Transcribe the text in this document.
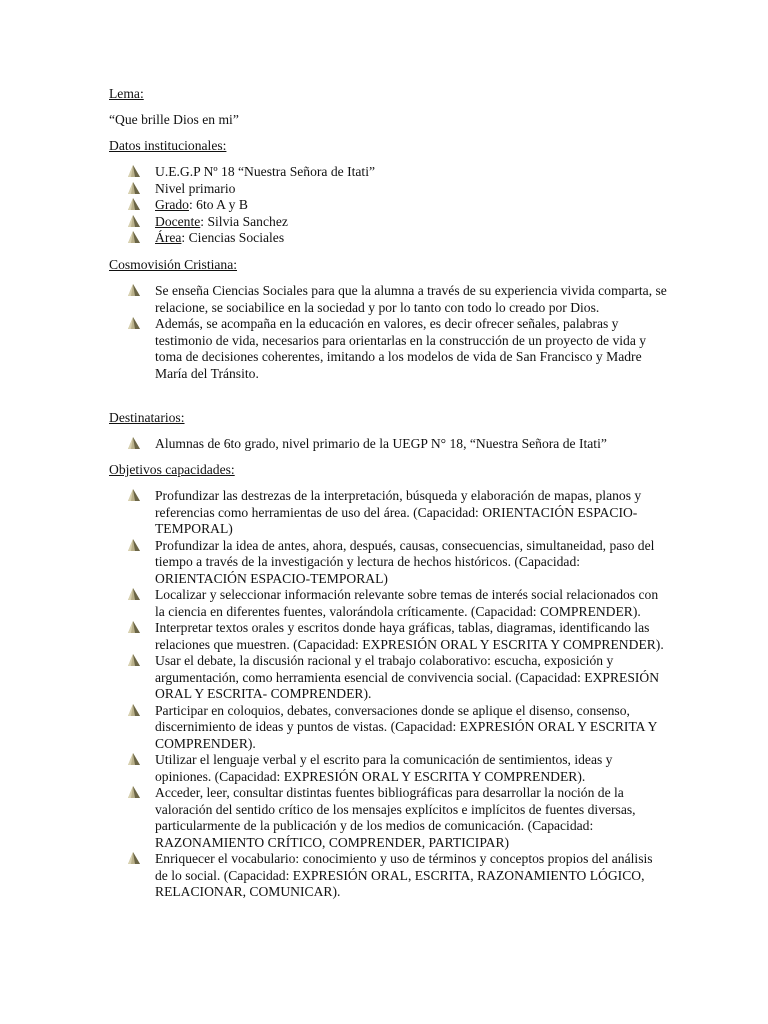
Lema:
“Que brille Dios en mi”
Datos institucionales:
U.E.G.P Nº 18 “Nuestra Señora de Itati”
Nivel primario
Grado: 6to A y B
Docente: Silvia Sanchez
Área: Ciencias Sociales
Cosmovisión Cristiana:
Se enseña Ciencias Sociales para que la alumna a través de su experiencia vivida comparta, se relacione, se sociabilice en la sociedad y por lo tanto con todo lo creado por Dios.
Además, se acompaña en la educación en valores, es decir ofrecer señales, palabras y testimonio de vida, necesarios para orientarlas en la construcción de un proyecto de vida y toma de decisiones coherentes, imitando a los modelos de vida de San Francisco y Madre María del Tránsito.
Destinatarios:
Alumnas de 6to grado, nivel primario de la UEGP N° 18, “Nuestra Señora de Itati”
Objetivos capacidades:
Profundizar las destrezas de la interpretación, búsqueda y elaboración de mapas, planos y referencias como herramientas de uso del área. (Capacidad: ORIENTACIÓN ESPACIO-TEMPORAL)
Profundizar la idea de antes, ahora, después, causas, consecuencias, simultaneidad, paso del tiempo a través de la investigación y lectura de hechos históricos. (Capacidad: ORIENTACIÓN ESPACIO-TEMPORAL)
Localizar y seleccionar información relevante sobre temas de interés social relacionados con la ciencia en diferentes fuentes, valorándola críticamente. (Capacidad: COMPRENDER).
Interpretar textos orales y escritos donde haya gráficas, tablas, diagramas, identificando las relaciones que muestren. (Capacidad: EXPRESIÓN ORAL Y ESCRITA Y COMPRENDER).
Usar el debate, la discusión racional y el trabajo colaborativo: escucha, exposición y argumentación, como herramienta esencial de convivencia social. (Capacidad: EXPRESIÓN ORAL Y ESCRITA- COMPRENDER).
Participar en coloquios, debates, conversaciones donde se aplique el disenso, consenso, discernimiento de ideas y puntos de vistas. (Capacidad: EXPRESIÓN ORAL Y ESCRITA Y COMPRENDER).
Utilizar el lenguaje verbal y el escrito para la comunicación de sentimientos, ideas y opiniones. (Capacidad: EXPRESIÓN ORAL Y ESCRITA Y COMPRENDER).
Acceder, leer, consultar distintas fuentes bibliográficas para desarrollar la noción de la valoración del sentido crítico de los mensajes explícitos e implícitos de fuentes diversas, particularmente de la publicación y de los medios de comunicación. (Capacidad: RAZONAMIENTO CRÍTICO, COMPRENDER, PARTICIPAR)
Enriquecer el vocabulario: conocimiento y uso de términos y conceptos propios del análisis de lo social. (Capacidad: EXPRESIÓN ORAL, ESCRITA, RAZONAMIENTO LÓGICO, RELACIONAR, COMUNICAR).
